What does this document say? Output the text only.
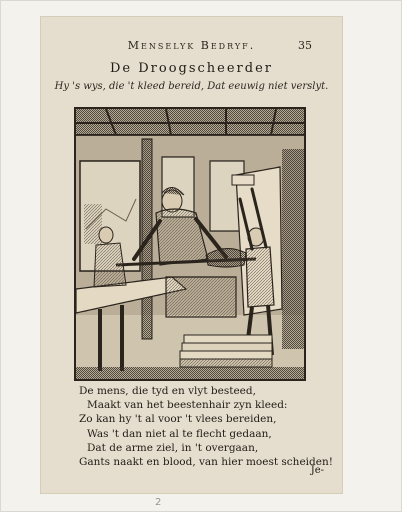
Menselyk Bedryf.	35
De Droogscheerder
Hy 's wys, die 't kleed bereid, Dat eeuwig niet verslyt.
De mens, die tyd en vlyt besteed,
Maakt van het beestenhair zyn kleed:
Zo kan hy 't al voor 't vlees bereiden,
Was 't dan niet al te flecht gedaan,
Dat de arme ziel, in 't overgaan,
Gants naakt en blood, van hier moest scheiden!
Je-
2
